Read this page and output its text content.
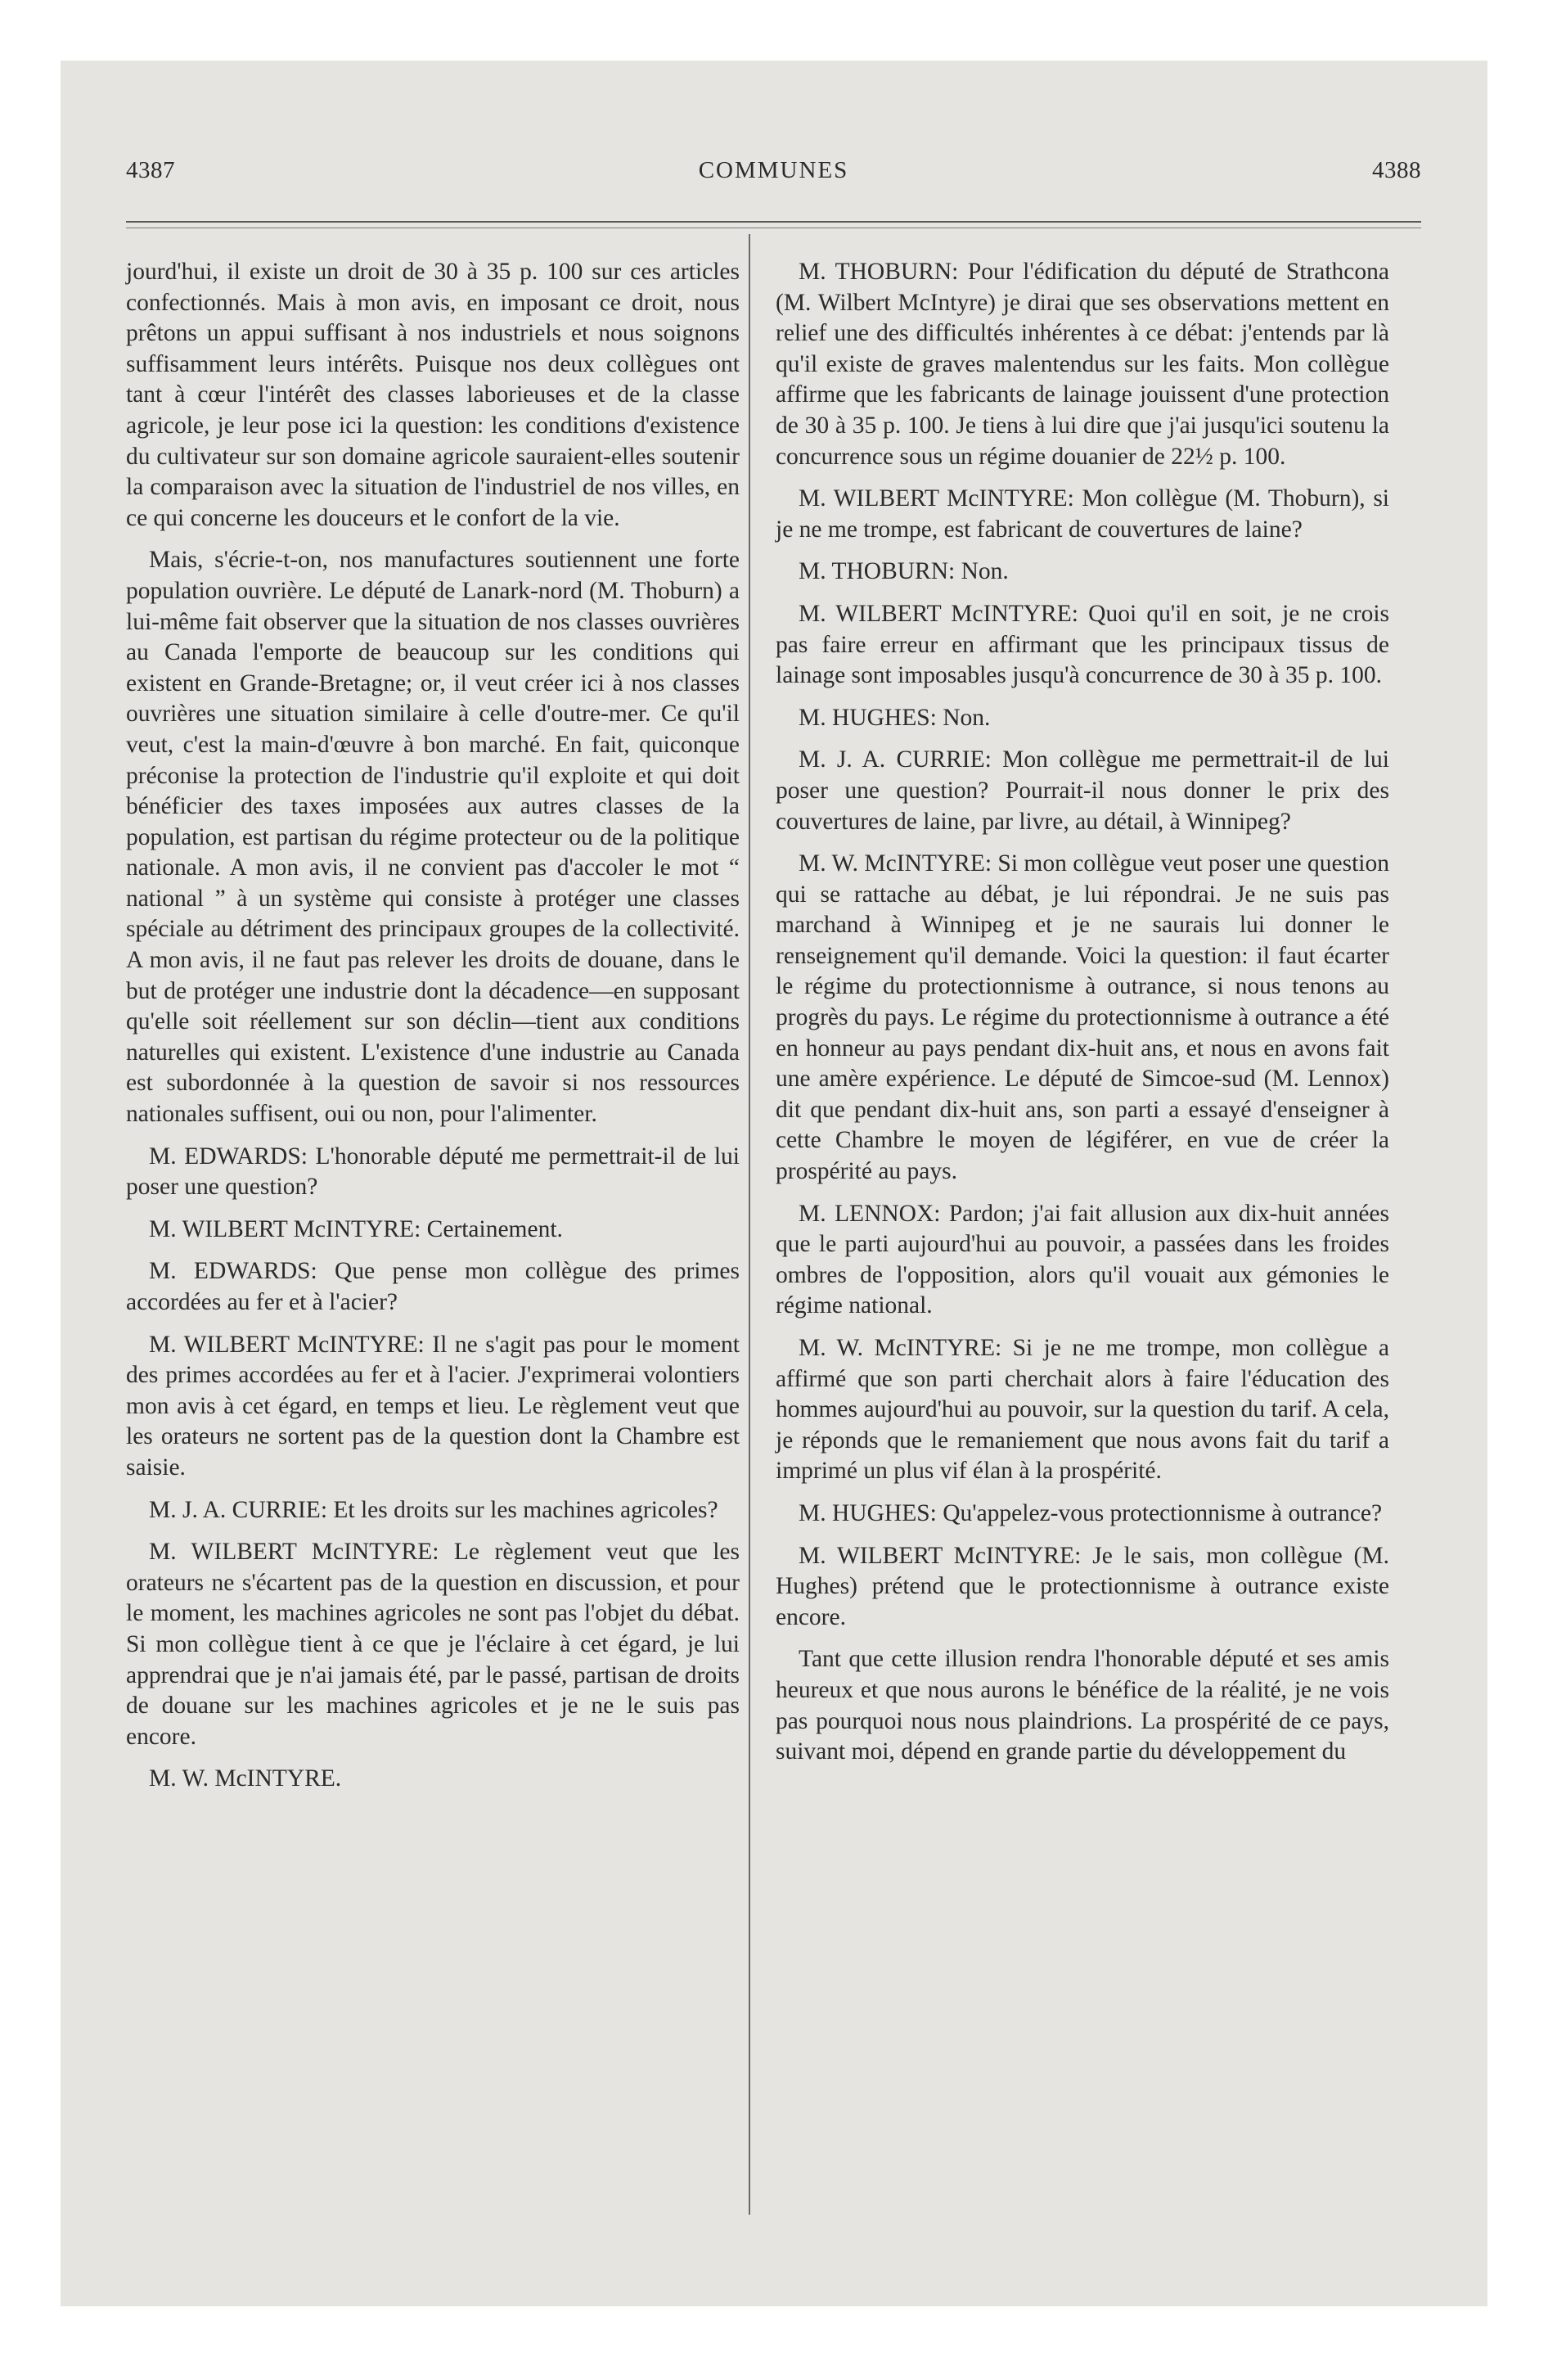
4387	COMMUNES	4388

jourd'hui, il existe un droit de 30 à 35 p. 100 sur ces articles confectionnés. Mais à mon avis, en imposant ce droit, nous prêtons un appui suffisant à nos industriels et nous soignons suffisamment leurs intérêts. Puisque nos deux collègues ont tant à cœur l'intérêt des classes laborieuses et de la classe agricole, je leur pose ici la question: les conditions d'existence du cultivateur sur son domaine agricole sauraient-elles soutenir la comparaison avec la situation de l'industriel de nos villes, en ce qui concerne les douceurs et le confort de la vie.

Mais, s'écrie-t-on, nos manufactures soutiennent une forte population ouvrière. Le député de Lanark-nord (M. Thoburn) a lui-même fait observer que la situation de nos classes ouvrières au Canada l'emporte de beaucoup sur les conditions qui existent en Grande-Bretagne; or, il veut créer ici à nos classes ouvrières une situation similaire à celle d'outre-mer. Ce qu'il veut, c'est la main-d'œuvre à bon marché. En fait, quiconque préconise la protection de l'industrie qu'il exploite et qui doit bénéficier des taxes imposées aux autres classes de la population, est partisan du régime protecteur ou de la politique nationale. A mon avis, il ne convient pas d'accoler le mot “ national ” à un système qui consiste à protéger une classes spéciale au détriment des principaux groupes de la collectivité. A mon avis, il ne faut pas relever les droits de douane, dans le but de protéger une industrie dont la décadence—en supposant qu'elle soit réellement sur son déclin—tient aux conditions naturelles qui existent. L'existence d'une industrie au Canada est subordonnée à la question de savoir si nos ressources nationales suffisent, oui ou non, pour l'alimenter.

M. EDWARDS: L'honorable député me permettrait-il de lui poser une question?

M. WILBERT McINTYRE: Certainement.

M. EDWARDS: Que pense mon collègue des primes accordées au fer et à l'acier?

M. WILBERT McINTYRE: Il ne s'agit pas pour le moment des primes accordées au fer et à l'acier. J'exprimerai volontiers mon avis à cet égard, en temps et lieu. Le règlement veut que les orateurs ne sortent pas de la question dont la Chambre est saisie.

M. J. A. CURRIE: Et les droits sur les machines agricoles?

M. WILBERT McINTYRE: Le règlement veut que les orateurs ne s'écartent pas de la question en discussion, et pour le moment, les machines agricoles ne sont pas l'objet du débat. Si mon collègue tient à ce que je l'éclaire à cet égard, je lui apprendrai que je n'ai jamais été, par le passé, partisan de droits de douane sur les machines agricoles et je ne le suis pas encore.

M. W. McINTYRE.

M. THOBURN: Pour l'édification du député de Strathcona (M. Wilbert McIntyre) je dirai que ses observations mettent en relief une des difficultés inhérentes à ce débat: j'entends par là qu'il existe de graves malentendus sur les faits. Mon collègue affirme que les fabricants de lainage jouissent d'une protection de 30 à 35 p. 100. Je tiens à lui dire que j'ai jusqu'ici soutenu la concurrence sous un régime douanier de 22½ p. 100.

M. WILBERT McINTYRE: Mon collègue (M. Thoburn), si je ne me trompe, est fabricant de couvertures de laine?

M. THOBURN: Non.

M. WILBERT McINTYRE: Quoi qu'il en soit, je ne crois pas faire erreur en affirmant que les principaux tissus de lainage sont imposables jusqu'à concurrence de 30 à 35 p. 100.

M. HUGHES: Non.

M. J. A. CURRIE: Mon collègue me permettrait-il de lui poser une question? Pourrait-il nous donner le prix des couvertures de laine, par livre, au détail, à Winnipeg?

M. W. McINTYRE: Si mon collègue veut poser une question qui se rattache au débat, je lui répondrai. Je ne suis pas marchand à Winnipeg et je ne saurais lui donner le renseignement qu'il demande. Voici la question: il faut écarter le régime du protectionnisme à outrance, si nous tenons au progrès du pays. Le régime du protectionnisme à outrance a été en honneur au pays pendant dix-huit ans, et nous en avons fait une amère expérience. Le député de Simcoe-sud (M. Lennox) dit que pendant dix-huit ans, son parti a essayé d'enseigner à cette Chambre le moyen de légiférer, en vue de créer la prospérité au pays.

M. LENNOX: Pardon; j'ai fait allusion aux dix-huit années que le parti aujourd'hui au pouvoir, a passées dans les froides ombres de l'opposition, alors qu'il vouait aux gémonies le régime national.

M. W. McINTYRE: Si je ne me trompe, mon collègue a affirmé que son parti cherchait alors à faire l'éducation des hommes aujourd'hui au pouvoir, sur la question du tarif. A cela, je réponds que le remaniement que nous avons fait du tarif a imprimé un plus vif élan à la prospérité.

M. HUGHES: Qu'appelez-vous protectionnisme à outrance?

M. WILBERT McINTYRE: Je le sais, mon collègue (M. Hughes) prétend que le protectionnisme à outrance existe encore.

Tant que cette illusion rendra l'honorable député et ses amis heureux et que nous aurons le bénéfice de la réalité, je ne vois pas pourquoi nous nous plaindrions. La prospérité de ce pays, suivant moi, dépend en grande partie du développement du
